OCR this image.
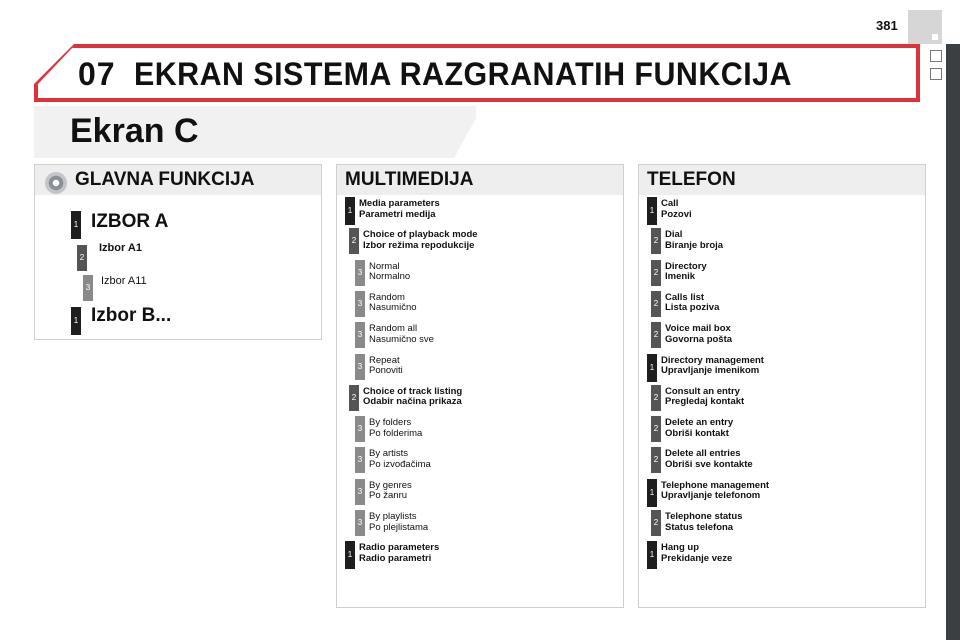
381
07 EKRAN SISTEMA RAZGRANATIH FUNKCIJA
Ekran C
GLAVNA FUNKCIJA
1 IZBOR A
2
Izbor A1
3
Izbor A11
1 Izbor B...
MULTIMEDIJA
1
Media parameters
Parametri medija
2
Choice of playback mode
Izbor režima repodukcije
3
Normal
Normalno
3
Random
Nasumično
3
Random all
Nasumično sve
3
Repeat
Ponoviti
2
Choice of track listing
Odabir načina prikaza
3
By folders
Po folderima
3
By artists
Po izvođačima
3
By genres
Po žanru
3
By playlists
Po plejlistama
1
Radio parameters
Radio parametri
TELEFON
1
Call
Pozovi
2
Dial
Biranje broja
2
Directory
Imenik
2
Calls list
Lista poziva
2
Voice mail box
Govorna pošta
1
Directory management
Upravljanje imenikom
2
Consult an entry
Pregledaj kontakt
2
Delete an entry
Obriši kontakt
2
Delete all entries
Obriši sve kontakte
1
Telephone management
Upravljanje telefonom
2
Telephone status
Status telefona
1
Hang up
Prekidanje veze
